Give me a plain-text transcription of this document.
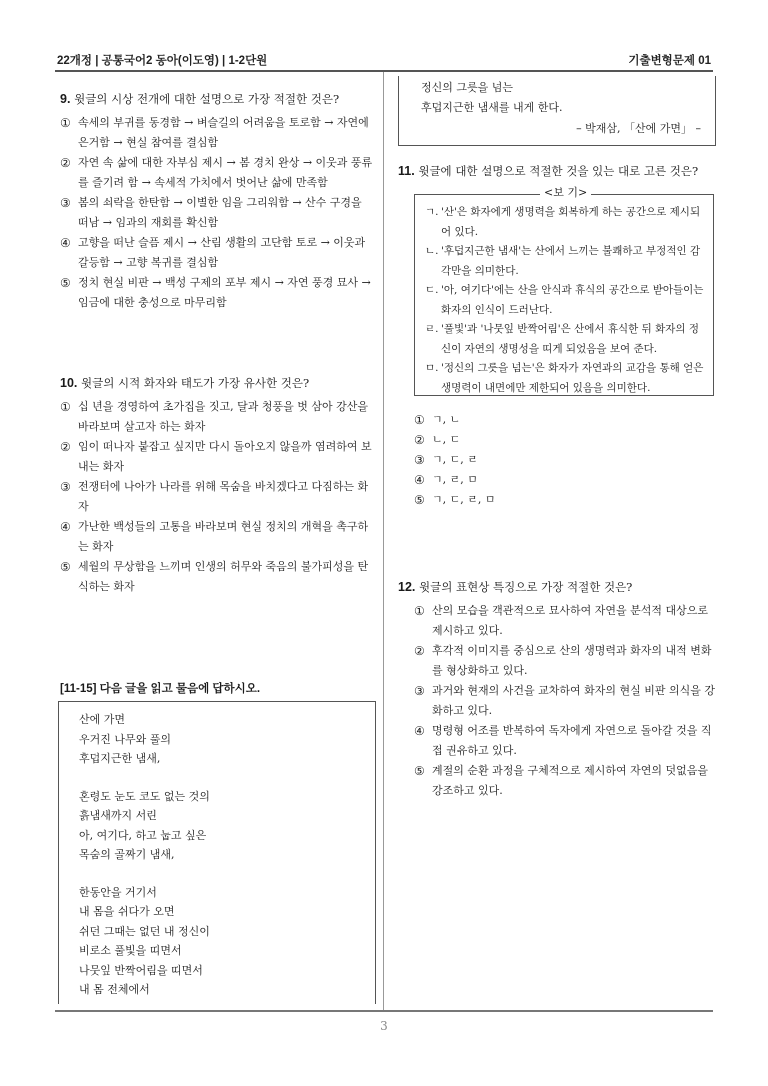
22개정 | 공통국어2 동아(이도영) | 1-2단원	기출변형문제 01
9. 윗글의 시상 전개에 대한 설명으로 가장 적절한 것은?
① 속세의 부귀를 동경함 → 벼슬길의 어려움을 토로함 → 자연에 은거함 → 현실 참여를 결심함
② 자연 속 삶에 대한 자부심 제시 → 봄 경치 완상 → 이웃과 풍류를 즐기려 함 → 속세적 가치에서 벗어난 삶에 만족함
③ 봄의 쇠락을 한탄함 → 이별한 임을 그리워함 → 산수 구경을 떠남 → 임과의 재회를 확신함
④ 고향을 떠난 슬픔 제시 → 산림 생활의 고단함 토로 → 이웃과 갈등함 → 고향 복귀를 결심함
⑤ 정치 현실 비판 → 백성 구제의 포부 제시 → 자연 풍경 묘사 → 임금에 대한 충성으로 마무리함
10. 윗글의 시적 화자와 태도가 가장 유사한 것은?
① 십 년을 경영하여 초가집을 짓고, 달과 청풍을 벗 삼아 강산을 바라보며 살고자 하는 화자
② 임이 떠나자 붙잡고 싶지만 다시 돌아오지 않을까 염려하여 보내는 화자
③ 전쟁터에 나아가 나라를 위해 목숨을 바치겠다고 다짐하는 화자
④ 가난한 백성들의 고통을 바라보며 현실 정치의 개혁을 촉구하는 화자
⑤ 세월의 무상함을 느끼며 인생의 허무와 죽음의 불가피성을 탄식하는 화자
[11-15] 다음 글을 읽고 물음에 답하시오.
산에 가면
우거진 나무와 풀의
후덥지근한 냄새,
혼령도 눈도 코도 없는 것의
흙냄새까지 서린
아, 여기다, 하고 눕고 싶은
목숨의 골짜기 냄새,
한동안을 거기서
내 몸을 쉬다가 오면
쉬던 그때는 없던 내 정신이
비로소 풀빛을 띠면서
나뭇잎 반짝어림을 띠면서
내 몸 전체에서
정신의 그릇을 넘는
후덥지근한 냄새를 내게 한다.
– 박재삼, 「산에 가면」 –
11. 윗글에 대한 설명으로 적절한 것을 있는 대로 고른 것은?
<보 기>
ㄱ. '산'은 화자에게 생명력을 회복하게 하는 공간으로 제시되어 있다.
ㄴ. '후덥지근한 냄새'는 산에서 느끼는 불쾌하고 부정적인 감각만을 의미한다.
ㄷ. '아, 여기다'에는 산을 안식과 휴식의 공간으로 받아들이는 화자의 인식이 드러난다.
ㄹ. '풀빛'과 '나뭇잎 반짝어림'은 산에서 휴식한 뒤 화자의 정신이 자연의 생명성을 띠게 되었음을 보여 준다.
ㅁ. '정신의 그릇을 넘는'은 화자가 자연과의 교감을 통해 얻은 생명력이 내면에만 제한되어 있음을 의미한다.
① ㄱ, ㄴ
② ㄴ, ㄷ
③ ㄱ, ㄷ, ㄹ
④ ㄱ, ㄹ, ㅁ
⑤ ㄱ, ㄷ, ㄹ, ㅁ
12. 윗글의 표현상 특징으로 가장 적절한 것은?
① 산의 모습을 객관적으로 묘사하여 자연을 분석적 대상으로 제시하고 있다.
② 후각적 이미지를 중심으로 산의 생명력과 화자의 내적 변화를 형상화하고 있다.
③ 과거와 현재의 사건을 교차하여 화자의 현실 비판 의식을 강화하고 있다.
④ 명령형 어조를 반복하여 독자에게 자연으로 돌아갈 것을 직접 권유하고 있다.
⑤ 계절의 순환 과정을 구체적으로 제시하여 자연의 덧없음을 강조하고 있다.
3
